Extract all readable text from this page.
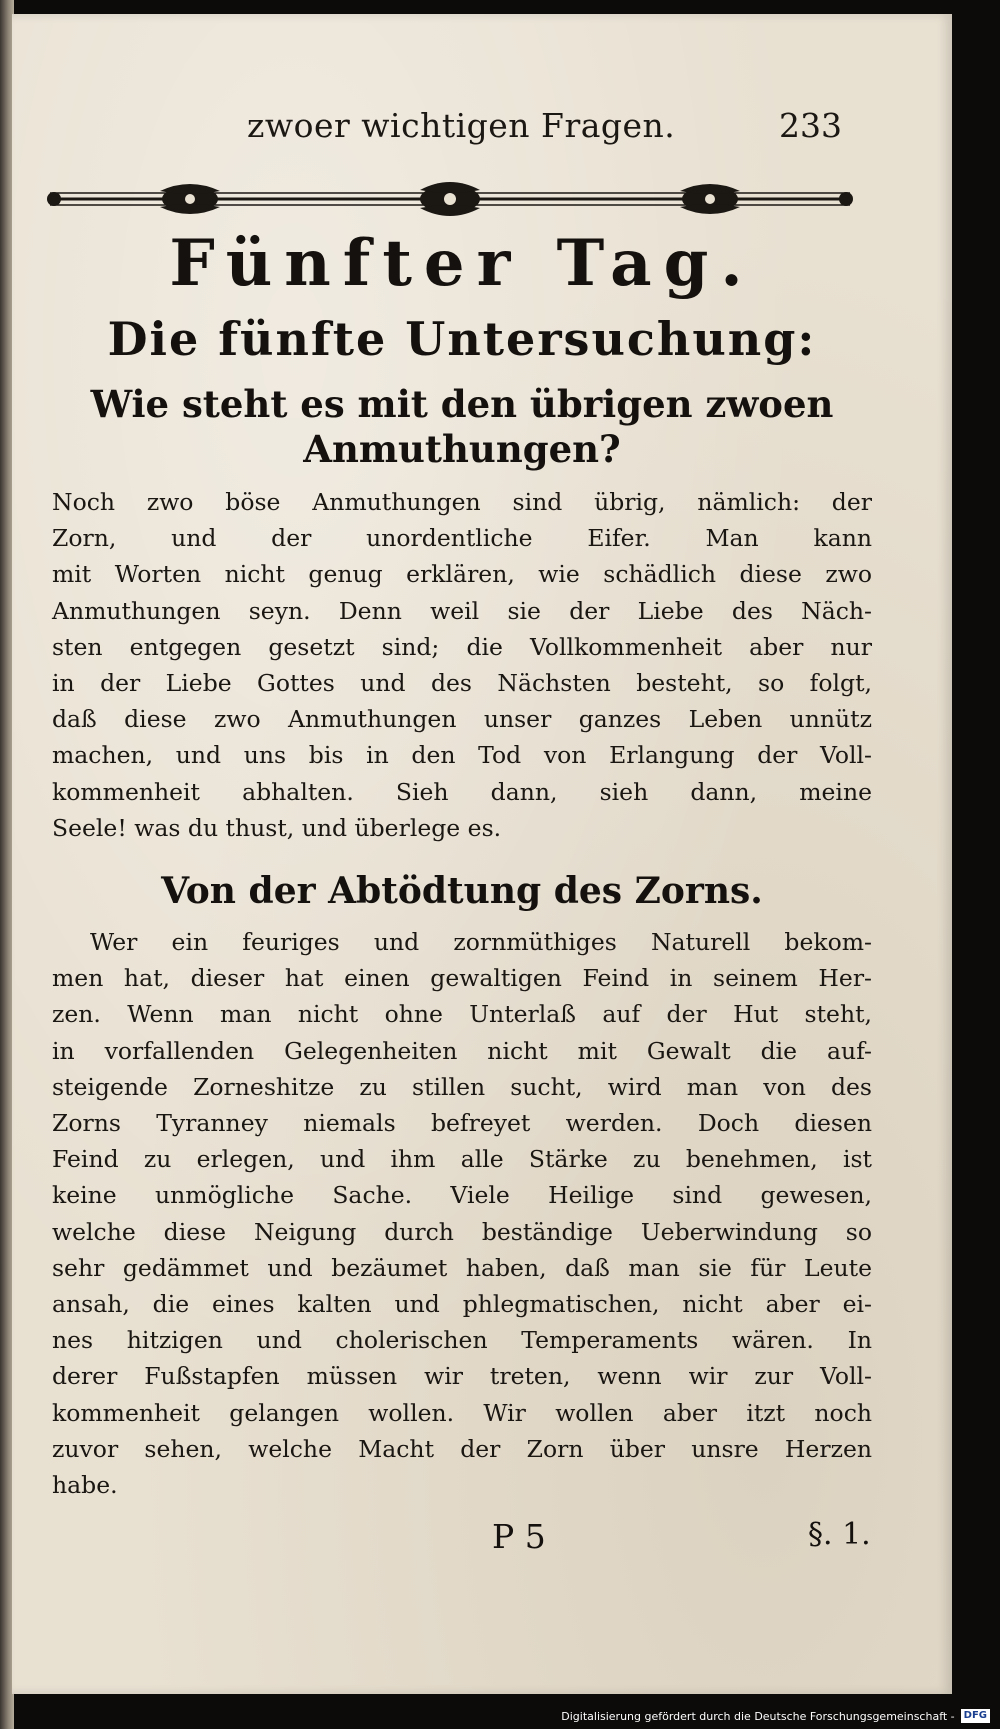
zwoer wichtigen Fragen.	233
Fünfter Tag.
Die fünfte Untersuchung:
Wie steht es mit den übrigen zwoen
Anmuthungen?
Noch zwo böse Anmuthungen sind übrig, nämlich: der
Zorn, und der unordentliche Eifer. Man kann
mit Worten nicht genug erklären, wie schädlich diese zwo
Anmuthungen seyn. Denn weil sie der Liebe des Näch-
sten entgegen gesetzt sind; die Vollkommenheit aber nur
in der Liebe Gottes und des Nächsten besteht, so folgt,
daß diese zwo Anmuthungen unser ganzes Leben unnütz
machen, und uns bis in den Tod von Erlangung der Voll-
kommenheit abhalten. Sieh dann, sieh dann, meine
Seele! was du thust, und überlege es.
Von der Abtödtung des Zorns.
Wer ein feuriges und zornmüthiges Naturell bekom-
men hat, dieser hat einen gewaltigen Feind in seinem Her-
zen. Wenn man nicht ohne Unterlaß auf der Hut steht,
in vorfallenden Gelegenheiten nicht mit Gewalt die auf-
steigende Zorneshitze zu stillen sucht, wird man von des
Zorns Tyranney niemals befreyet werden. Doch diesen
Feind zu erlegen, und ihm alle Stärke zu benehmen, ist
keine unmögliche Sache. Viele Heilige sind gewesen,
welche diese Neigung durch beständige Ueberwindung so
sehr gedämmet und bezäumet haben, daß man sie für Leute
ansah, die eines kalten und phlegmatischen, nicht aber ei-
nes hitzigen und cholerischen Temperaments wären. In
derer Fußstapfen müssen wir treten, wenn wir zur Voll-
kommenheit gelangen wollen. Wir wollen aber itzt noch
zuvor sehen, welche Macht der Zorn über unsre Herzen
habe.
P 5	§. 1.
Digitalisierung gefördert durch die Deutsche Forschungsgemeinschaft - DFG
